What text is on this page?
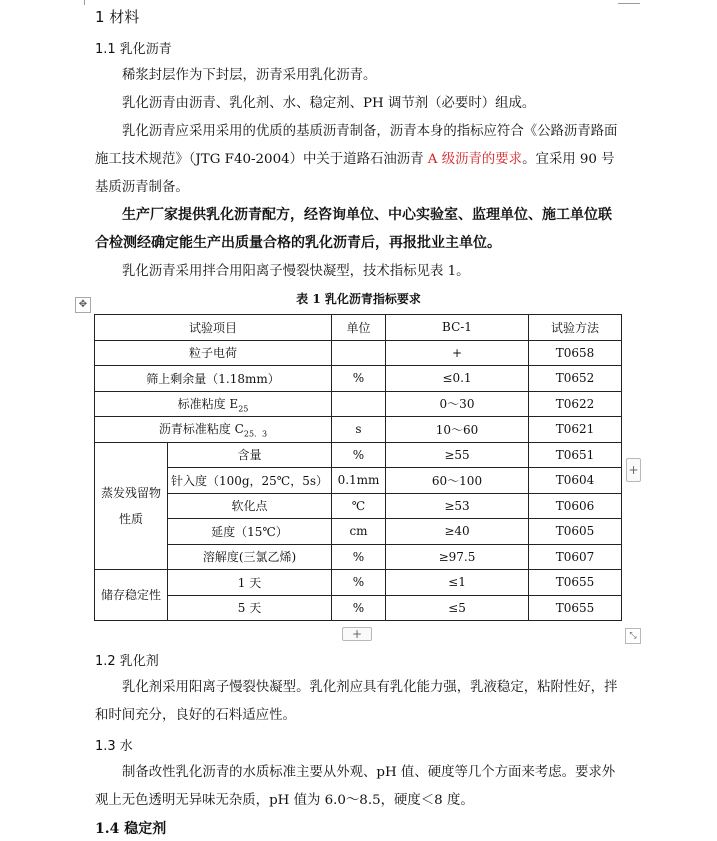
1 材料
1.1 乳化沥青

稀浆封层作为下封层，沥青采用乳化沥青。

乳化沥青由沥青、乳化剂、水、稳定剂、PH 调节剂（必要时）组成。

乳化沥青应采用采用的优质的基质沥青制备，沥青本身的指标应符合《公路沥青路面施工技术规范》（JTG F40-2004）中关于道路石油沥青 A 级沥青的要求。宜采用 90 号基质沥青制备。

生产厂家提供乳化沥青配方，经咨询单位、中心实验室、监理单位、施工单位联合检测经确定能生产出质量合格的乳化沥青后，再报批业主单位。

乳化沥青采用拌合用阳离子慢裂快凝型，技术指标见表 1。

✥	表 1 乳化沥青指标要求
试验项目		单位	BC-1	试验方法
粒子电荷			+	T0658
筛上剩余量（1.18mm）		%	≤0.1	T0652
标准粘度 $E_{25}$			0～30	T0622
沥青标准粘度 $C_{25.3}$		s	10～60	T0621
蒸发残留物性质	含量	%	≥55	T0651
	针入度（100g，25℃，5s）	0.1mm	60～100	T0604
	软化点	℃	≥53	T0606
	延度（15℃）	cm	≥40	T0605
	溶解度(三氯乙烯)	%	≥97.5	T0607
储存稳定性	1 天	%	≤1	T0655
	5 天	%	≤5	T0655
+
+	⤡
1.2 乳化剂

乳化剂采用阳离子慢裂快凝型。乳化剂应具有乳化能力强，乳液稳定，粘附性好，拌和时间充分，良好的石料适应性。

1.3 水

制备改性乳化沥青的水质标准主要从外观、pH 值、硬度等几个方面来考虑。要求外观上无色透明无异味无杂质，pH 值为 6.0～8.5，硬度＜8 度。

1.4 稳定剂
